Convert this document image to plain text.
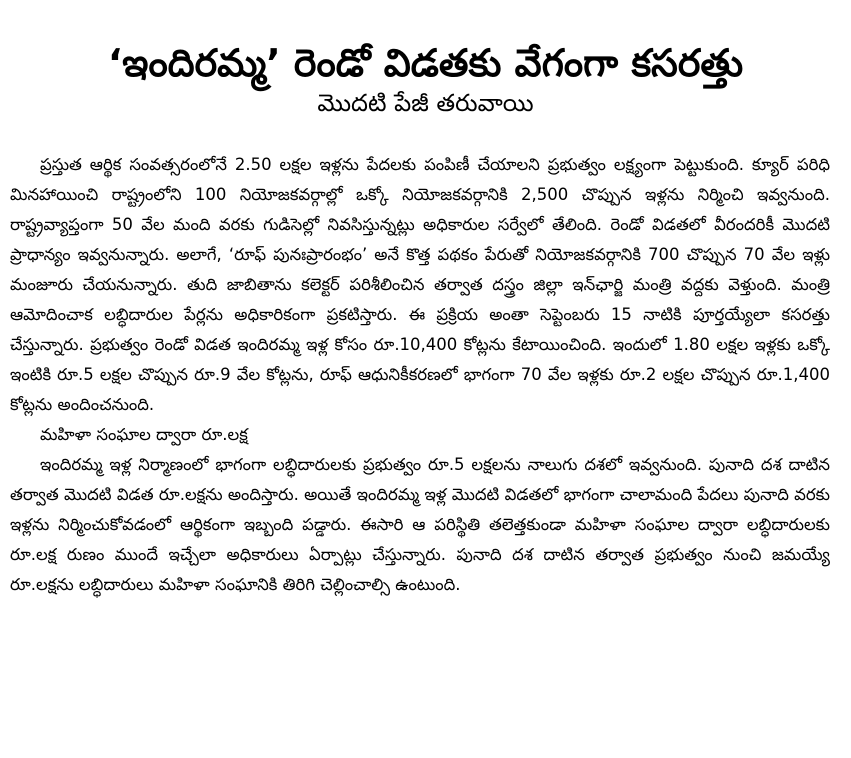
‘ఇందిరమ్మ’ రెండో విడతకు వేగంగా కసరత్తు
మొదటి పేజీ తరువాయి

ప్రస్తుత ఆర్థిక సంవత్సరంలోనే 2.50 లక్షల ఇళ్లను పేదలకు పంపిణీ చేయాలని ప్రభుత్వం లక్ష్యంగా పెట్టుకుంది. క్యూర్ పరిధి మినహాయించి రాష్ట్రంలోని 100 నియోజకవర్గాల్లో ఒక్కో నియోజకవర్గానికి 2,500 చొప్పున ఇళ్లను నిర్మించి ఇవ్వనుంది. రాష్ట్రవ్యాప్తంగా 50 వేల మంది వరకు గుడిసెల్లో నివసిస్తున్నట్లు అధికారుల సర్వేలో తేలింది. రెండో విడతలో వీరందరికీ మొదటి ప్రాధాన్యం ఇవ్వనున్నారు. అలాగే, ‘రూఫ్ పునఃప్రారంభం’ అనే కొత్త పథకం పేరుతో నియోజకవర్గానికి 700 చొప్పున 70 వేల ఇళ్లు మంజూరు చేయనున్నారు. తుది జాబితాను కలెక్టర్ పరిశీలించిన తర్వాత దస్త్రం జిల్లా ఇన్‌ఛార్జి మంత్రి వద్దకు వెళ్తుంది. మంత్రి ఆమోదించాక లబ్ధిదారుల పేర్లను అధికారికంగా ప్రకటిస్తారు. ఈ ప్రక్రియ అంతా సెప్టెంబరు 15 నాటికి పూర్తయ్యేలా కసరత్తు చేస్తున్నారు. ప్రభుత్వం రెండో విడత ఇందిరమ్మ ఇళ్ల కోసం రూ.10,400 కోట్లను కేటాయించింది. ఇందులో 1.80 లక్షల ఇళ్లకు ఒక్కో ఇంటికి రూ.5 లక్షల చొప్పున రూ.9 వేల కోట్లను, రూఫ్ ఆధునికీకరణలో భాగంగా 70 వేల ఇళ్లకు రూ.2 లక్షల చొప్పున రూ.1,400 కోట్లను అందించనుంది.

మహిళా సంఘాల ద్వారా రూ.లక్ష

ఇందిరమ్మ ఇళ్ల నిర్మాణంలో భాగంగా లబ్ధిదారులకు ప్రభుత్వం రూ.5 లక్షలను నాలుగు దశలో ఇవ్వనుంది. పునాది దశ దాటిన తర్వాత మొదటి విడత రూ.లక్షను అందిస్తారు. అయితే ఇందిరమ్మ ఇళ్ల మొదటి విడతలో భాగంగా చాలామంది పేదలు పునాది వరకు ఇళ్లను నిర్మించుకోవడంలో ఆర్థికంగా ఇబ్బంది పడ్డారు. ఈసారి ఆ పరిస్థితి తలెత్తకుండా మహిళా సంఘాల ద్వారా లబ్ధిదారులకు రూ.లక్ష రుణం ముందే ఇచ్చేలా అధికారులు ఏర్పాట్లు చేస్తున్నారు. పునాది దశ దాటిన తర్వాత ప్రభుత్వం నుంచి జమయ్యే రూ.లక్షను లబ్ధిదారులు మహిళా సంఘానికి తిరిగి చెల్లించాల్సి ఉంటుంది.
